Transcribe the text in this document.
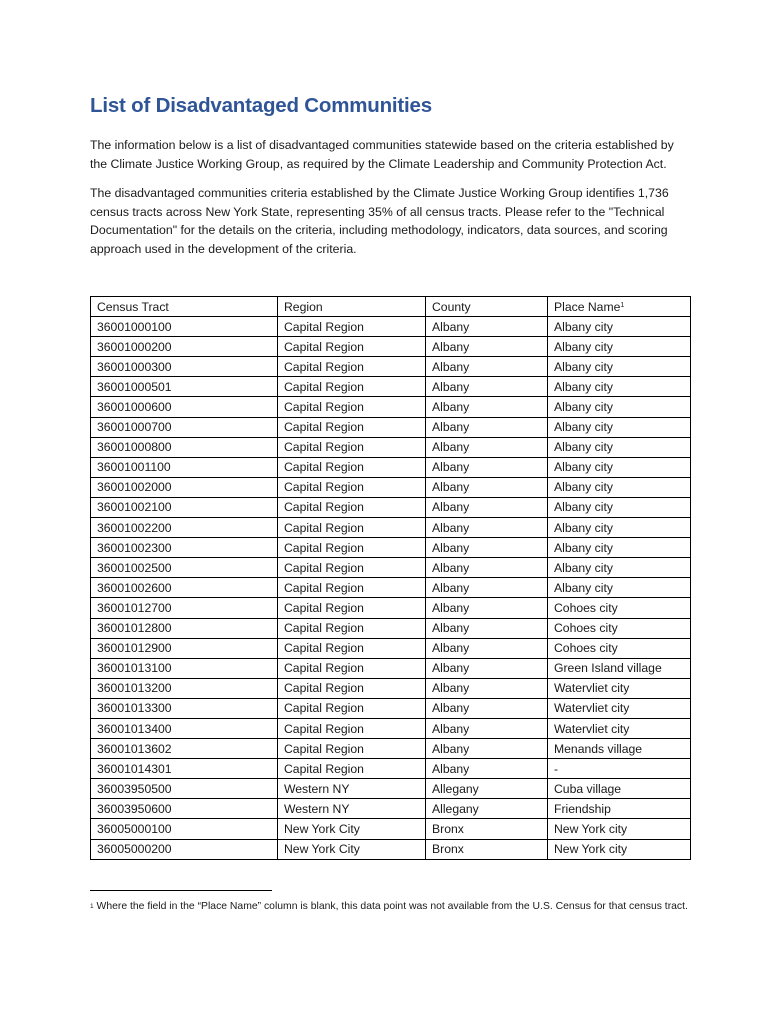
List of Disadvantaged Communities

The information below is a list of disadvantaged communities statewide based on the criteria established by the Climate Justice Working Group, as required by the Climate Leadership and Community Protection Act.

The disadvantaged communities criteria established by the Climate Justice Working Group identifies 1,736 census tracts across New York State, representing 35% of all census tracts. Please refer to the "Technical Documentation" for the details on the criteria, including methodology, indicators, data sources, and scoring approach used in the development of the criteria.

Census Tract	Region	County	Place Name$^1$
36001000100	Capital Region	Albany	Albany city
36001000200	Capital Region	Albany	Albany city
36001000300	Capital Region	Albany	Albany city
36001000501	Capital Region	Albany	Albany city
36001000600	Capital Region	Albany	Albany city
36001000700	Capital Region	Albany	Albany city
36001000800	Capital Region	Albany	Albany city
36001001100	Capital Region	Albany	Albany city
36001002000	Capital Region	Albany	Albany city
36001002100	Capital Region	Albany	Albany city
36001002200	Capital Region	Albany	Albany city
36001002300	Capital Region	Albany	Albany city
36001002500	Capital Region	Albany	Albany city
36001002600	Capital Region	Albany	Albany city
36001012700	Capital Region	Albany	Cohoes city
36001012800	Capital Region	Albany	Cohoes city
36001012900	Capital Region	Albany	Cohoes city
36001013100	Capital Region	Albany	Green Island village
36001013200	Capital Region	Albany	Watervliet city
36001013300	Capital Region	Albany	Watervliet city
36001013400	Capital Region	Albany	Watervliet city
36001013602	Capital Region	Albany	Menands village
36001014301	Capital Region	Albany	-
36003950500	Western NY	Allegany	Cuba village
36003950600	Western NY	Allegany	Friendship
36005000100	New York City	Bronx	New York city
36005000200	New York City	Bronx	New York city
$^1$ Where the field in the “Place Name” column is blank, this data point was not available from the U.S. Census for that census tract.
